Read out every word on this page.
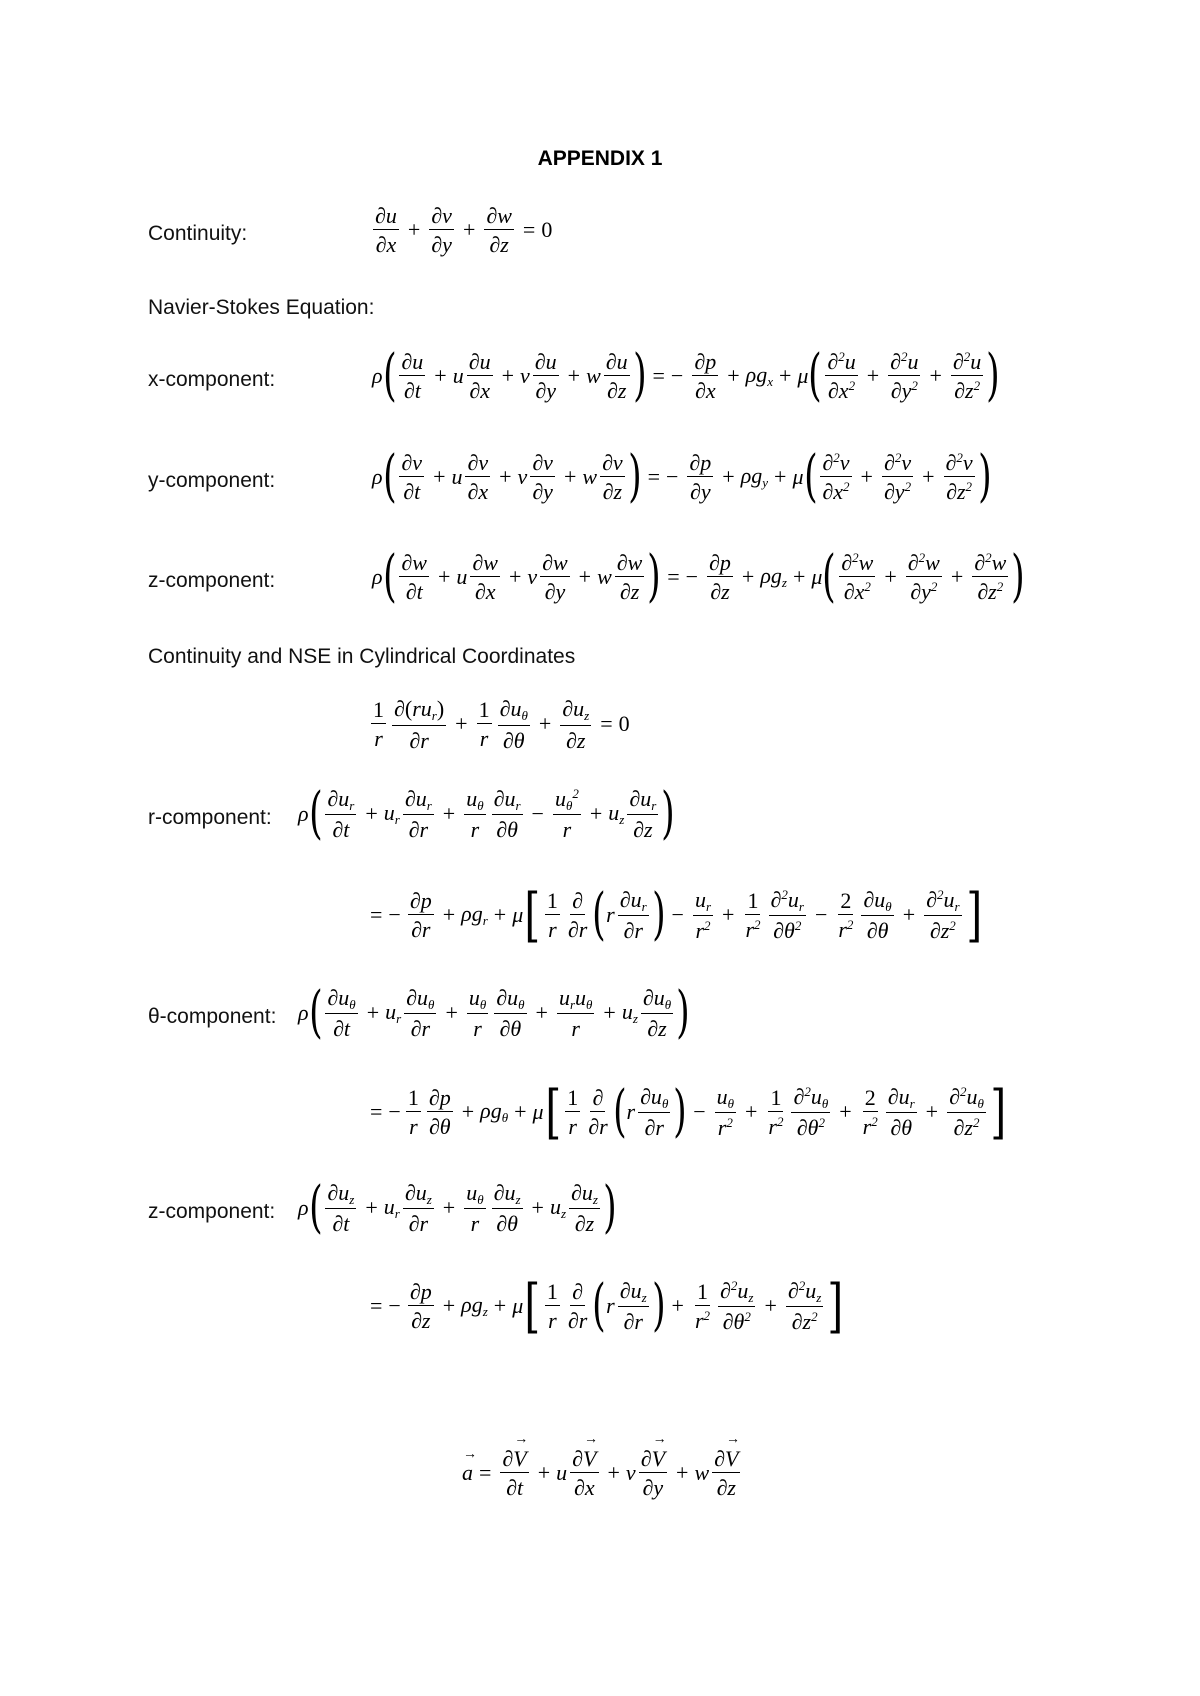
APPENDIX 1
Continuity:	$\frac{\partial u}{\partial x} + \frac{\partial v}{\partial y} + \frac{\partial w}{\partial z} = 0$
Navier-Stokes Equation:
x-component:	ρ ( $\frac{\partial u}{\partial t} + u \frac{\partial u}{\partial x} + v \frac{\partial u}{\partial y} + w \frac{\partial u}{\partial z}$ ) = − $\frac{\partial p}{\partial x} + \rho g_x + \mu$ ( $\frac{\partial^2u}{\partial x^2} + \frac{\partial^2u}{\partial y^2} + \frac{\partial^2u}{\partial z^2}$ )
y-component:	ρ ( $\frac{\partial v}{\partial t} + u \frac{\partial v}{\partial x} + v \frac{\partial v}{\partial y} + w \frac{\partial v}{\partial z}$ ) = − $\frac{\partial p}{\partial y} + \rho g_y + \mu$ ( $\frac{\partial^2v}{\partial x^2} + \frac{\partial^2v}{\partial y^2} + \frac{\partial^2v}{\partial z^2}$ )
z-component:	ρ ( $\frac{\partial w}{\partial t} + u \frac{\partial w}{\partial x} + v \frac{\partial w}{\partial y} + w \frac{\partial w}{\partial z}$ ) = − $\frac{\partial p}{\partial z} + \rho g_z + \mu$ ( $\frac{\partial^2w}{\partial x^2} + \frac{\partial^2w}{\partial y^2} + \frac{\partial^2w}{\partial z^2}$ )
Continuity and NSE in Cylindrical Coordinates
$\frac{1}{r} \frac{\partial(ru_r)}{\partial r} + \frac{1}{r} \frac{\partial u_\theta}{\partial\theta} + \frac{\partial u_z}{\partial z} = 0$
r-component: ρ ( $\frac{\partial u_r}{\partial t} + u_r \frac{\partial u_r}{\partial r} + \frac{u_\theta}{r} \frac{\partial u_r}{\partial\theta} - \frac{u_\theta^2}{r} + u_z \frac{\partial u_r}{\partial z}$ )
= − $\frac{\partial p}{\partial r} + \rho g_r + \mu$ [ $\frac{1}{r} \frac{\partial}{\partial r}$ ( r $\frac{\partial u_r}{\partial r}$ ) − $\frac{u_r}{r^2} + \frac{1}{r^2} \frac{\partial^2u_r}{\partial\theta^2} - \frac{2}{r^2} \frac{\partial u_\theta}{\partial\theta} + \frac{\partial^2u_r}{\partial z^2}$ ]
θ-component: ρ ( $\frac{\partial u_\theta}{\partial t} + u_r \frac{\partial u_\theta}{\partial r} + \frac{u_\theta}{r} \frac{\partial u_\theta}{\partial\theta} + \frac{u_ru_\theta}{r} + u_z \frac{\partial u_\theta}{\partial z}$ )
= − $\frac{1}{r} \frac{\partial p}{\partial\theta} + \rho g_\theta + \mu$ [ $\frac{1}{r} \frac{\partial}{\partial r}$ ( r $\frac{\partial u_\theta}{\partial r}$ ) − $\frac{u_\theta}{r^2} + \frac{1}{r^2} \frac{\partial^2u_\theta}{\partial\theta^2} + \frac{2}{r^2} \frac{\partial u_r}{\partial\theta} + \frac{\partial^2u_\theta}{\partial z^2}$ ]
z-component: ρ ( $\frac{\partial u_z}{\partial t} + u_r \frac{\partial u_z}{\partial r} + \frac{u_\theta}{r} \frac{\partial u_z}{\partial\theta} + u_z \frac{\partial u_z}{\partial z}$ )
= − $\frac{\partial p}{\partial z} + \rho g_z + \mu$ [ $\frac{1}{r} \frac{\partial}{\partial r}$ ( r $\frac{\partial u_z}{\partial r}$ ) + $\frac{1}{r^2} \frac{\partial^2u_z}{\partial\theta^2} + \frac{\partial^2u_z}{\partial z^2}$ ]
→ $a = \frac{\partial\to V}{\partial t} + u \frac{\partial\to V}{\partial x} + v \frac{\partial\to V}{\partial y} + w \frac{\partial\to V}{\partial z}$
